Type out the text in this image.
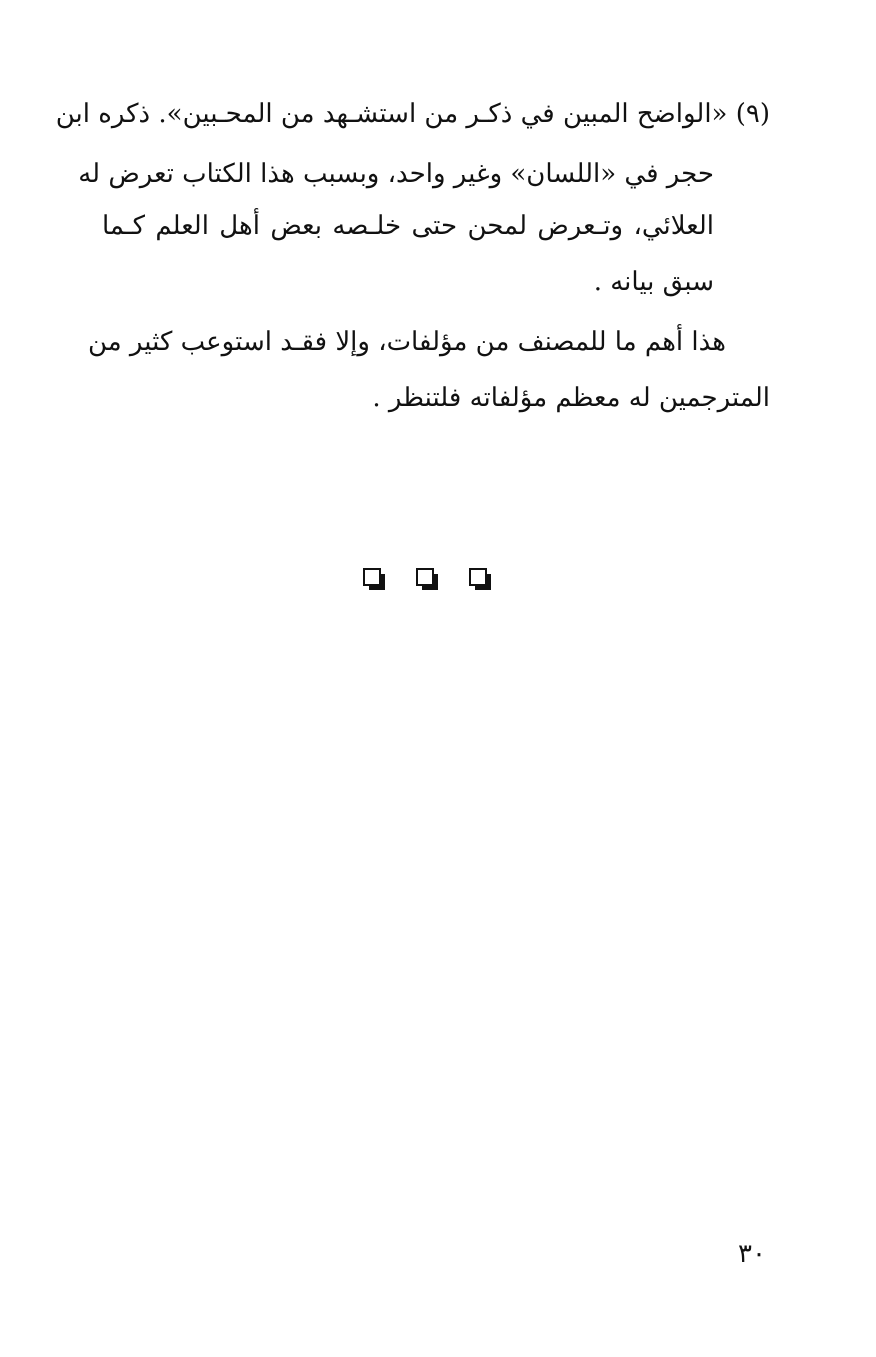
(٩) «الواضح المبين في ذكـر من استشـهد من المحـبين». ذكره ابن
حجر في «اللسان» وغير واحد، وبسبب هذا الكتاب تعرض له
العلائي، وتـعرض لمحن حتى خلـصه بعض أهل العلم كـما
سبق بيانه .
هذا أهم ما للمصنف من مؤلفات، وإلا فقـد استوعب كثير من
المترجمين له معظم مؤلفاته فلتنظر .
٣٠
